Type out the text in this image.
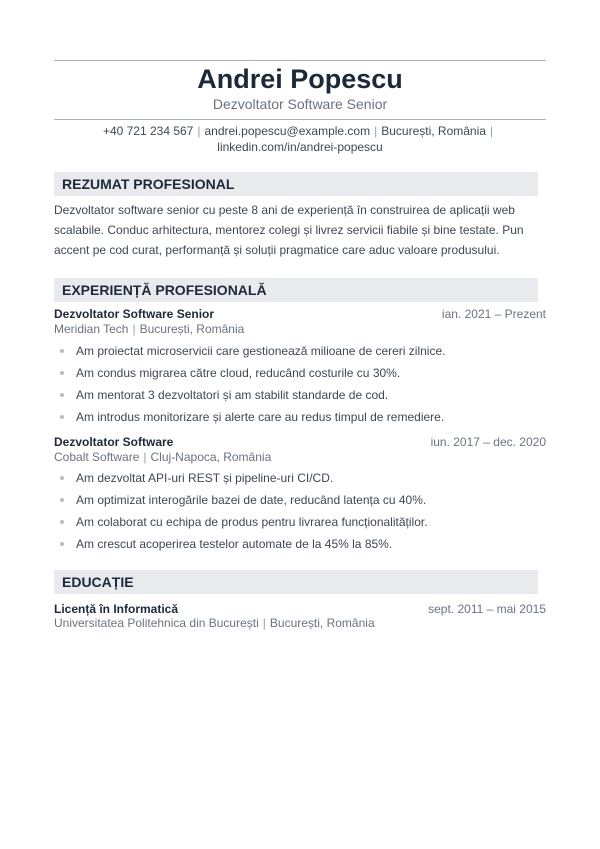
Andrei Popescu
Dezvoltator Software Senior
+40 721 234 567 | andrei.popescu@example.com | București, România |
linkedin.com/in/andrei-popescu
REZUMAT PROFESIONAL
Dezvoltator software senior cu peste 8 ani de experiență în construirea de aplicații web scalabile. Conduc arhitectura, mentorez colegi și livrez servicii fiabile și bine testate. Pun accent pe cod curat, performanță și soluții pragmatice care aduc valoare produsului.
EXPERIENȚĂ PROFESIONALĂ
Dezvoltator Software Senior	ian. 2021 – Prezent
Meridian Tech | București, România
Am proiectat microservicii care gestionează milioane de cereri zilnice.
Am condus migrarea către cloud, reducând costurile cu 30%.
Am mentorat 3 dezvoltatori și am stabilit standarde de cod.
Am introdus monitorizare și alerte care au redus timpul de remediere.
Dezvoltator Software	iun. 2017 – dec. 2020
Cobalt Software | Cluj-Napoca, România
Am dezvoltat API-uri REST și pipeline-uri CI/CD.
Am optimizat interogările bazei de date, reducând latența cu 40%.
Am colaborat cu echipa de produs pentru livrarea funcționalităților.
Am crescut acoperirea testelor automate de la 45% la 85%.
EDUCAȚIE
Licență în Informatică	sept. 2011 – mai 2015
Universitatea Politehnica din București | București, România
